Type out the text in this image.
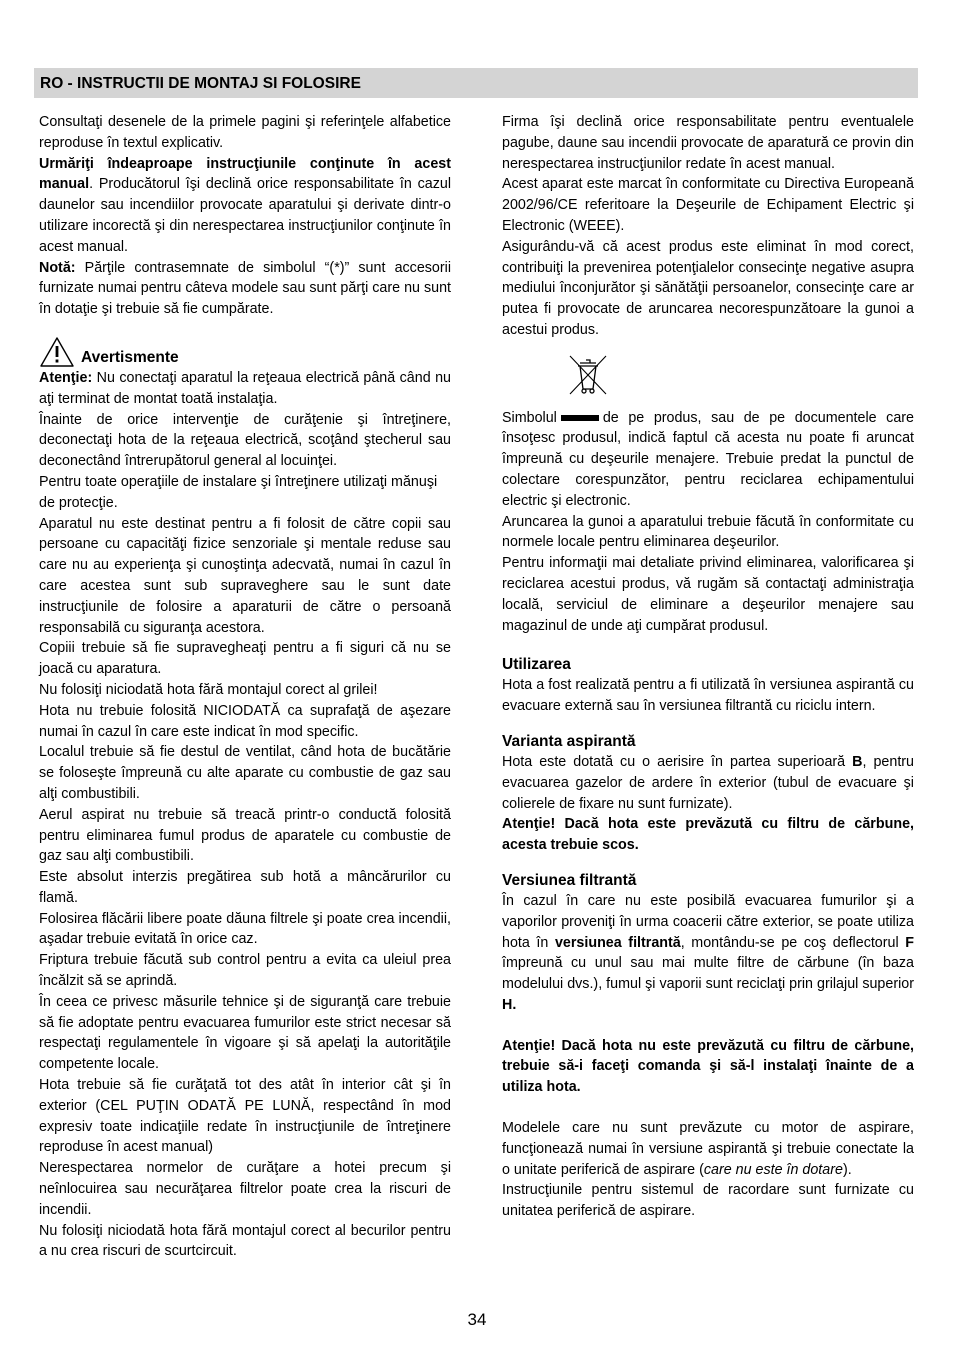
RO - INSTRUCTII DE MONTAJ SI FOLOSIRE

Consultaţi desenele de la primele pagini şi referinţele alfabetice reproduse în textul explicativ.

Urmăriţi îndeaproape instrucţiunile conţinute în acest manual. Producătorul îşi declină orice responsabilitate în cazul daunelor sau incendiilor provocate aparatului şi derivate dintr-o utilizare incorectă şi din nerespectarea instrucţiunilor conţinute în acest manual.

Notă: Părţile contrasemnate de simbolul “(*)” sunt accesorii furnizate numai pentru câteva modele sau sunt părţi care nu sunt în dotaţie şi trebuie să fie cumpărate.

Avertismente

Atenţie: Nu conectaţi aparatul la reţeaua electrică până când nu aţi terminat de montat toată instalaţia.

Înainte de orice intervenţie de curăţenie şi întreţinere, deconectaţi hota de la reţeaua electrică, scoţând ştecherul sau deconectând întrerupătorul general al locuinţei.

Pentru toate operaţiile de instalare şi întreţinere utilizaţi mănuşi de protecţie.

Aparatul nu este destinat pentru a fi folosit de către copii sau persoane cu capacităţi fizice senzoriale şi mentale reduse sau care nu au experienţa şi cunoştinţa adecvată, numai în cazul în care acestea sunt sub supraveghere sau le sunt date instrucţiunile de folosire a aparaturii de către o persoană responsabilă cu siguranţa acestora.

Copiii trebuie să fie supravegheaţi pentru a fi siguri că nu se joacă cu aparatura.

Nu folosiţi niciodată hota fără montajul corect al grilei!

Hota nu trebuie folosită NICIODATĂ ca suprafaţă de aşezare numai în cazul în care este indicat în mod specific.

Localul trebuie să fie destul de ventilat, când hota de bucătărie se foloseşte împreună cu alte aparate cu combustie de gaz sau alţi combustibili.

Aerul aspirat nu trebuie să treacă printr-o conductă folosită pentru eliminarea fumul produs de aparatele cu combustie de gaz sau alţi combustibili.

Este absolut interzis pregătirea sub hotă a mâncărurilor cu flamă.

Folosirea flăcării libere poate dăuna filtrele şi poate crea incendii, aşadar trebuie evitată în orice caz.

Friptura trebuie făcută sub control pentru a evita ca uleiul prea încălzit să se aprindă.

În ceea ce privesc măsurile tehnice şi de siguranţă care trebuie să fie adoptate pentru evacuarea fumurilor este strict necesar să respectaţi regulamentele în vigoare şi să apelaţi la autorităţile competente locale.

Hota trebuie să fie curăţată tot des atât în interior cât şi în exterior (CEL PUŢIN ODATĂ PE LUNĂ, respectând în mod expresiv toate indicaţiile redate în instrucţiunile de întreţinere reproduse în acest manual)

Nerespectarea normelor de curăţare a hotei precum şi neînlocuirea sau necurăţarea filtrelor poate crea la riscuri de incendii.

Nu folosiţi niciodată hota fără montajul corect al becurilor pentru a nu crea riscuri de scurtcircuit.

Firma îşi declină orice responsabilitate pentru eventualele pagube, daune sau incendii provocate de aparatură ce provin din nerespectarea instrucţiunilor redate în acest manual.

Acest aparat este marcat în conformitate cu Directiva Europeană 2002/96/CE referitoare la Deşeurile de Echipament Electric şi Electronic (WEEE).

Asigurându-vă că acest produs este eliminat în mod corect, contribuiţi la prevenirea potenţialelor consecinţe negative asupra mediului înconjurător şi sănătăţii persoanelor, consecinţe care ar putea fi provocate de aruncarea necorespunzătoare la gunoi a acestui produs.

Simbolul	de pe produs, sau de pe documentele care însoţesc produsul, indică faptul că acesta nu poate fi aruncat împreună cu deşeurile menajere. Trebuie predat la punctul de colectare corespunzător, pentru reciclarea echipamentului electric şi electronic.

Aruncarea la gunoi a aparatului trebuie făcută în conformitate cu normele locale pentru eliminarea deşeurilor.

Pentru informaţii mai detaliate privind eliminarea, valorificarea şi reciclarea acestui produs, vă rugăm să contactaţi administraţia locală, serviciul de eliminare a deşeurilor menajere sau magazinul de unde aţi cumpărat produsul.

Utilizarea

Hota a fost realizată pentru a fi utilizată în versiunea aspirantă cu evacuare externă sau în versiunea filtrantă cu riciclu intern.

Varianta aspirantă

Hota este dotată cu o aerisire în partea superioară B, pentru evacuarea gazelor de ardere în exterior (tubul de evacuare şi colierele de fixare nu sunt furnizate).

Atenţie! Dacă hota este prevăzută cu filtru de cărbune, acesta trebuie scos.

Versiunea filtrantă

În cazul în care nu este posibilă evacuarea fumurilor şi a vaporilor proveniţi în urma coacerii către exterior, se poate utiliza hota în versiunea filtrantă, montându-se pe coş deflectorul F împreună cu unul sau mai multe filtre de cărbune (în baza modelului dvs.), fumul şi vaporii sunt reciclaţi prin grilajul superior H.

Atenţie! Dacă hota nu este prevăzută cu filtru de cărbune, trebuie să-i faceţi comanda şi să-l instalaţi înainte de a utiliza hota.

Modelele care nu sunt prevăzute cu motor de aspirare, funcţionează numai în versiune aspirantă şi trebuie conectate la o unitate periferică de aspirare (care nu este în dotare).

Instrucţiunile pentru sistemul de racordare sunt furnizate cu unitatea periferică de aspirare.

34
